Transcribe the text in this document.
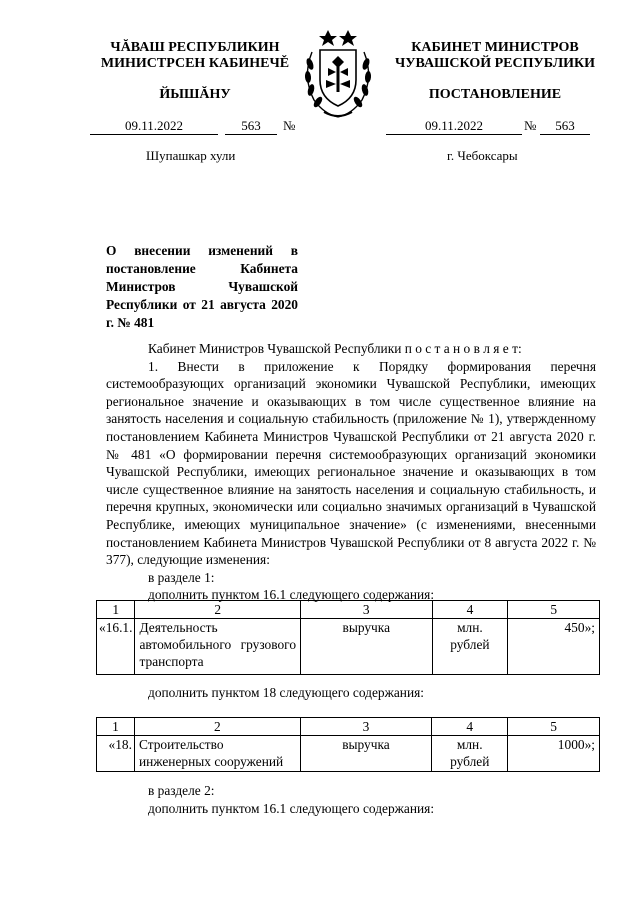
ЧĂВАШ РЕСПУБЛИКИН
МИНИСТРСЕН КАБИНЕЧĚ
ЙЫШĂНУ
КАБИНЕТ МИНИСТРОВ
ЧУВАШСКОЙ РЕСПУБЛИКИ
ПОСТАНОВЛЕНИЕ
09.11.2022	563	№	09.11.2022	№	563
Шупашкар хули	г. Чебоксары
О внесении изменений в постановление Кабинета Министров Чувашской Республики от 21 августа 2020 г. № 481

Кабинет Министров Чувашской Республики п о с т а н о в л я е т:

1. Внести в приложение к Порядку формирования перечня системообразующих организаций экономики Чувашской Республики, имеющих региональное значение и оказывающих в том числе существенное влияние на занятость населения и социальную стабильность (приложение № 1), утвержденному постановлением Кабинета Министров Чувашской Республики от 21 августа 2020 г. № 481 «О формировании перечня системообразующих организаций экономики Чувашской Республики, имеющих региональное значение и оказывающих в том числе существенное влияние на занятость населения и социальную стабильность, и перечня крупных, экономически или социально значимых организаций в Чувашской Республике, имеющих муниципальное значение» (с изменениями, внесенными постановлением Кабинета Министров Чувашской Республики от 8 августа 2022 г. № 377), следующие изменения:

в разделе 1:

дополнить пунктом 16.1 следующего содержания:

1	2	3	4	5
«16.1.	Деятельность автомобильного грузового транспорта	выручка	млн. рублей	450»;
дополнить пунктом 18 следующего содержания:
1	2	3	4	5
«18.	Строительство инженерных сооружений	выручка	млн. рублей	1000»;
в разделе 2:
дополнить пунктом 16.1 следующего содержания:
